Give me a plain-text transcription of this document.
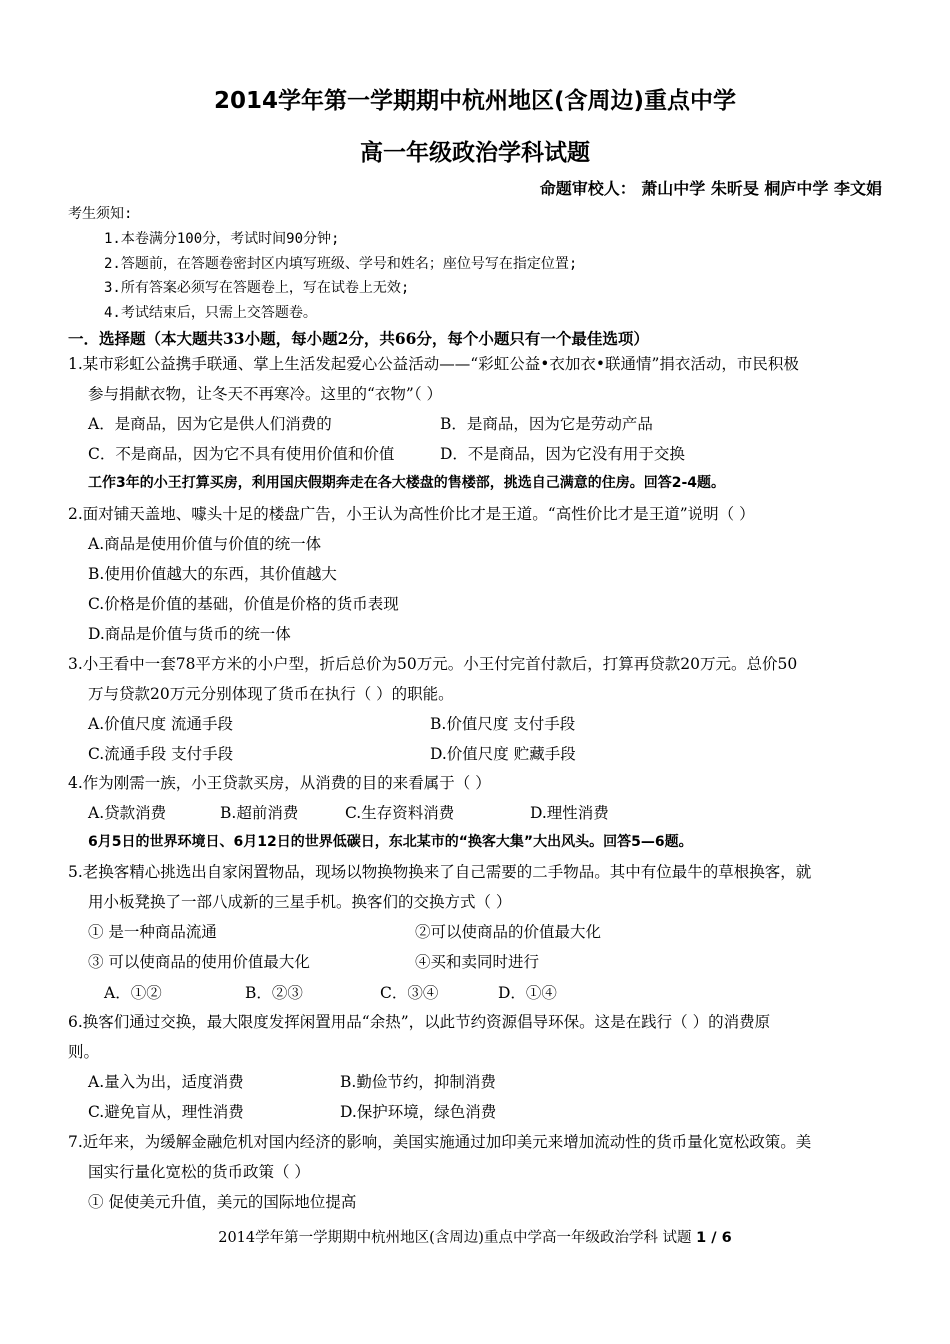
2014学年第一学期期中杭州地区(含周边)重点中学
高一年级政治学科试题
命题审校人： 萧山中学 朱昕旻 桐庐中学 李文娟
考生须知:
1.本卷满分100分，考试时间90分钟;
2.答题前，在答题卷密封区内填写班级、学号和姓名；座位号写在指定位置;
3.所有答案必须写在答题卷上，写在试卷上无效;
4.考试结束后，只需上交答题卷。
一．选择题（本大题共33小题，每小题2分，共66分，每个小题只有一个最佳选项）
1.某市彩虹公益携手联通、掌上生活发起爱心公益活动——“彩虹公益•衣加衣•联通情”捐衣活动，市民积极
参与捐献衣物，让冬天不再寒冷。这里的“衣物”（ ）
A．是商品，因为它是供人们消费的	B．是商品，因为它是劳动产品
C．不是商品，因为它不具有使用价值和价值	D．不是商品，因为它没有用于交换
工作3年的小王打算买房，利用国庆假期奔走在各大楼盘的售楼部，挑选自己满意的住房。回答2-4题。
2.面对铺天盖地、噱头十足的楼盘广告，小王认为高性价比才是王道。“高性价比才是王道”说明（ ）
A.商品是使用价值与价值的统一体
B.使用价值越大的东西，其价值越大
C.价格是价值的基础，价值是价格的货币表现
D.商品是价值与货币的统一体
3.小王看中一套78平方米的小户型，折后总价为50万元。小王付完首付款后，打算再贷款20万元。总价50
万与贷款20万元分别体现了货币在执行（ ）的职能。
A.价值尺度 流通手段	B.价值尺度 支付手段
C.流通手段 支付手段	D.价值尺度 贮藏手段
4.作为刚需一族，小王贷款买房，从消费的目的来看属于（ ）
A.贷款消费	B.超前消费	C.生存资料消费	D.理性消费
6月5日的世界环境日、6月12日的世界低碳日，东北某市的“换客大集”大出风头。回答5—6题。
5.老换客精心挑选出自家闲置物品，现场以物换物换来了自己需要的二手物品。其中有位最牛的草根换客，就
用小板凳换了一部八成新的三星手机。换客们的交换方式（ ）
① 是一种商品流通	②可以使商品的价值最大化
③ 可以使商品的使用价值最大化	④买和卖同时进行
A．①②	B．②③	C．③④	D．①④
6.换客们通过交换，最大限度发挥闲置用品“余热”，以此节约资源倡导环保。这是在践行（ ）的消费原
则。
A.量入为出，适度消费	B.勤俭节约，抑制消费
C.避免盲从，理性消费	D.保护环境，绿色消费
7.近年来，为缓解金融危机对国内经济的影响，美国实施通过加印美元来增加流动性的货币量化宽松政策。美
国实行量化宽松的货币政策（ ）
① 促使美元升值，美元的国际地位提高
2014学年第一学期期中杭州地区(含周边)重点中学高一年级政治学科 试题 1 / 6
